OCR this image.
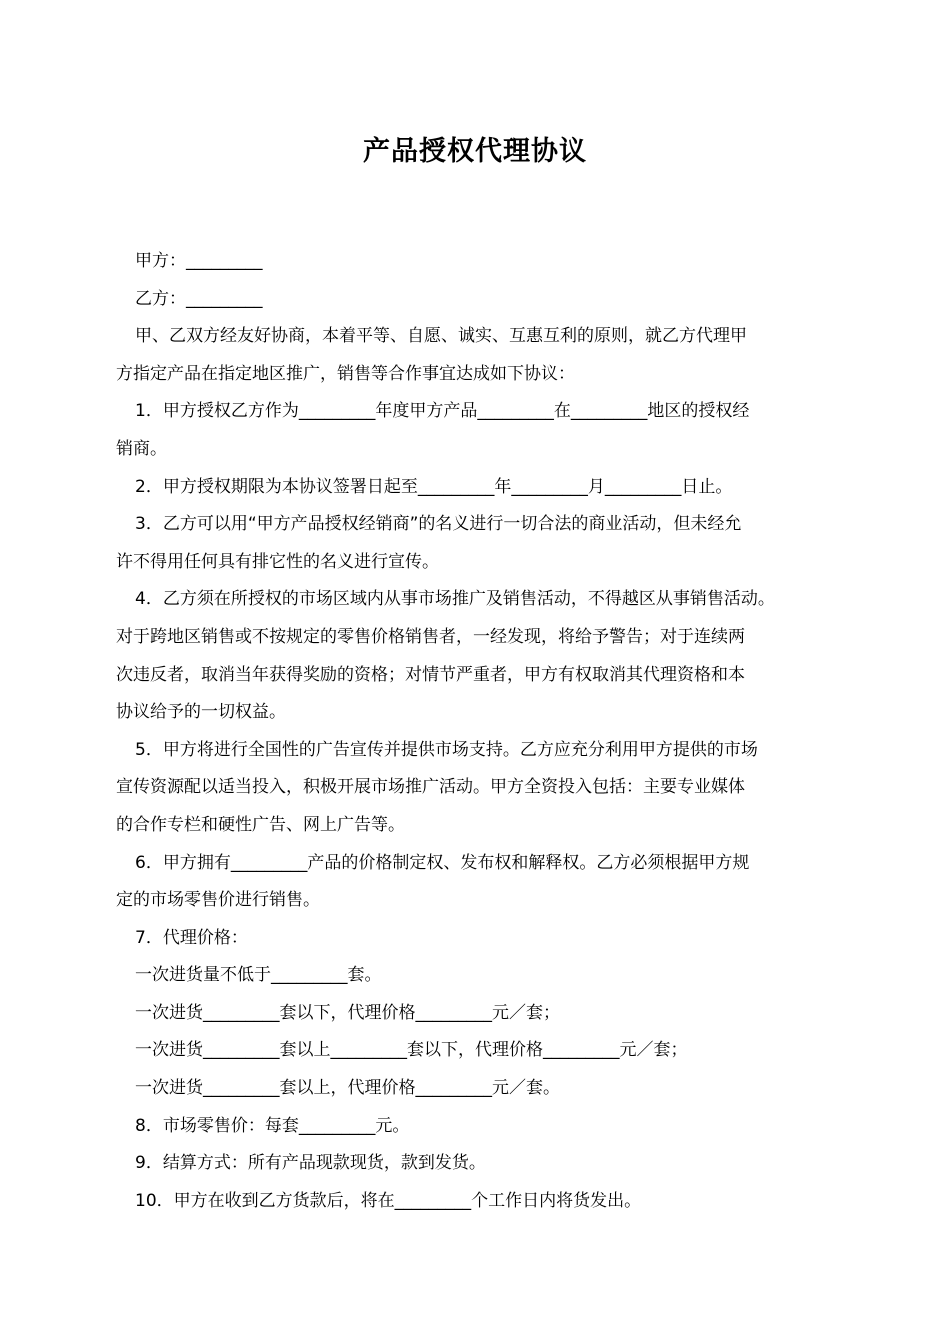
产品授权代理协议

甲方：_________

乙方：_________

甲、乙双方经友好协商，本着平等、自愿、诚实、互惠互利的原则，就乙方代理甲

方指定产品在指定地区推广，销售等合作事宜达成如下协议：

1．甲方授权乙方作为_________年度甲方产品_________在_________地区的授权经

销商。

2．甲方授权期限为本协议签署日起至_________年_________月_________日止。

3．乙方可以用“甲方产品授权经销商”的名义进行一切合法的商业活动，但未经允

许不得用任何具有排它性的名义进行宣传。

4．乙方须在所授权的市场区域内从事市场推广及销售活动，不得越区从事销售活动。

对于跨地区销售或不按规定的零售价格销售者，一经发现，将给予警告；对于连续两

次违反者，取消当年获得奖励的资格；对情节严重者，甲方有权取消其代理资格和本

协议给予的一切权益。

5．甲方将进行全国性的广告宣传并提供市场支持。乙方应充分利用甲方提供的市场

宣传资源配以适当投入，积极开展市场推广活动。甲方全资投入包括：主要专业媒体

的合作专栏和硬性广告、网上广告等。

6．甲方拥有_________产品的价格制定权、发布权和解释权。乙方必须根据甲方规

定的市场零售价进行销售。

7．代理价格：

一次进货量不低于_________套。

一次进货_________套以下，代理价格_________元／套；

一次进货_________套以上_________套以下，代理价格_________元／套；

一次进货_________套以上，代理价格_________元／套。

8．市场零售价：每套_________元。

9．结算方式：所有产品现款现货，款到发货。

10．甲方在收到乙方货款后，将在_________个工作日内将货发出。
